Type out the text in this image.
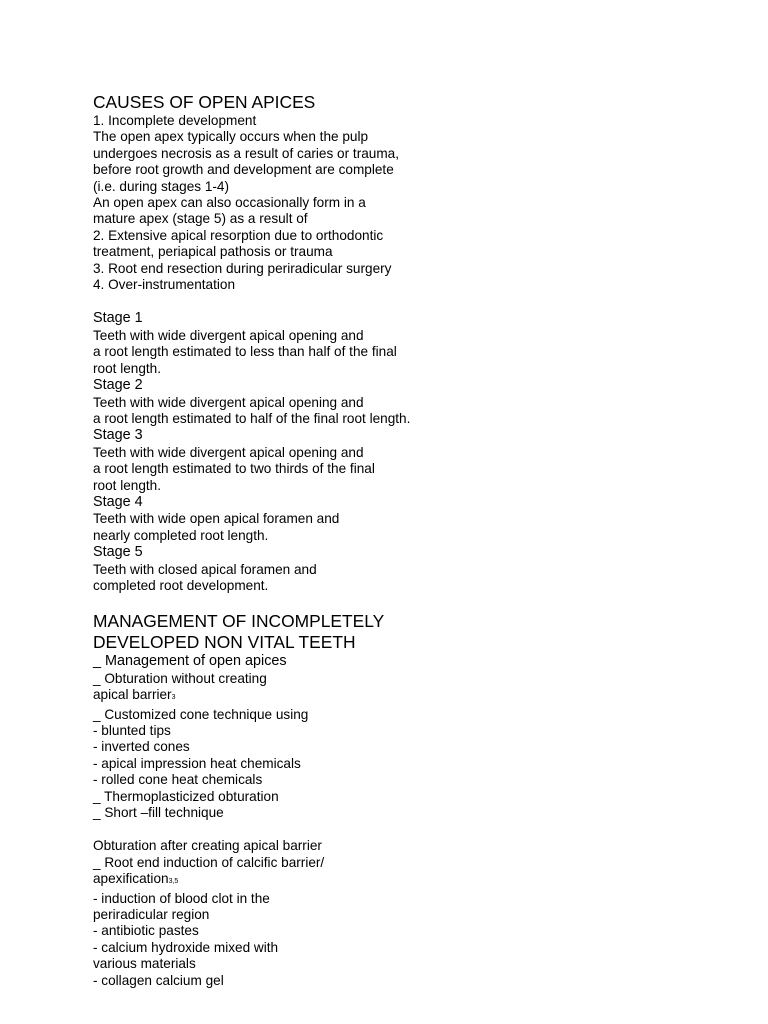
CAUSES OF OPEN APICES

1. Incomplete development

The open apex typically occurs when the pulp

undergoes necrosis as a result of caries or trauma,

before root growth and development are complete

(i.e. during stages 1-4)

An open apex can also occasionally form in a

mature apex (stage 5) as a result of

2. Extensive apical resorption due to orthodontic

treatment, periapical pathosis or trauma

3. Root end resection during periradicular surgery

4. Over-instrumentation

Stage 1

Teeth with wide divergent apical opening and

a root length estimated to less than half of the final

root length.

Stage 2

Teeth with wide divergent apical opening and

a root length estimated to half of the final root length.

Stage 3

Teeth with wide divergent apical opening and

a root length estimated to two thirds of the final

root length.

Stage 4

Teeth with wide open apical foramen and

nearly completed root length.

Stage 5

Teeth with closed apical foramen and

completed root development.

MANAGEMENT OF INCOMPLETELY

DEVELOPED NON VITAL TEETH

_ Management of open apices

_ Obturation without creating

apical barrier3

_ Customized cone technique using

- blunted tips

- inverted cones

- apical impression heat chemicals

- rolled cone heat chemicals

_ Thermoplasticized obturation

_ Short –fill technique

Obturation after creating apical barrier

_ Root end induction of calcific barrier/

apexification3,5

- induction of blood clot in the

periradicular region

- antibiotic pastes

- calcium hydroxide mixed with

various materials

- collagen calcium gel
